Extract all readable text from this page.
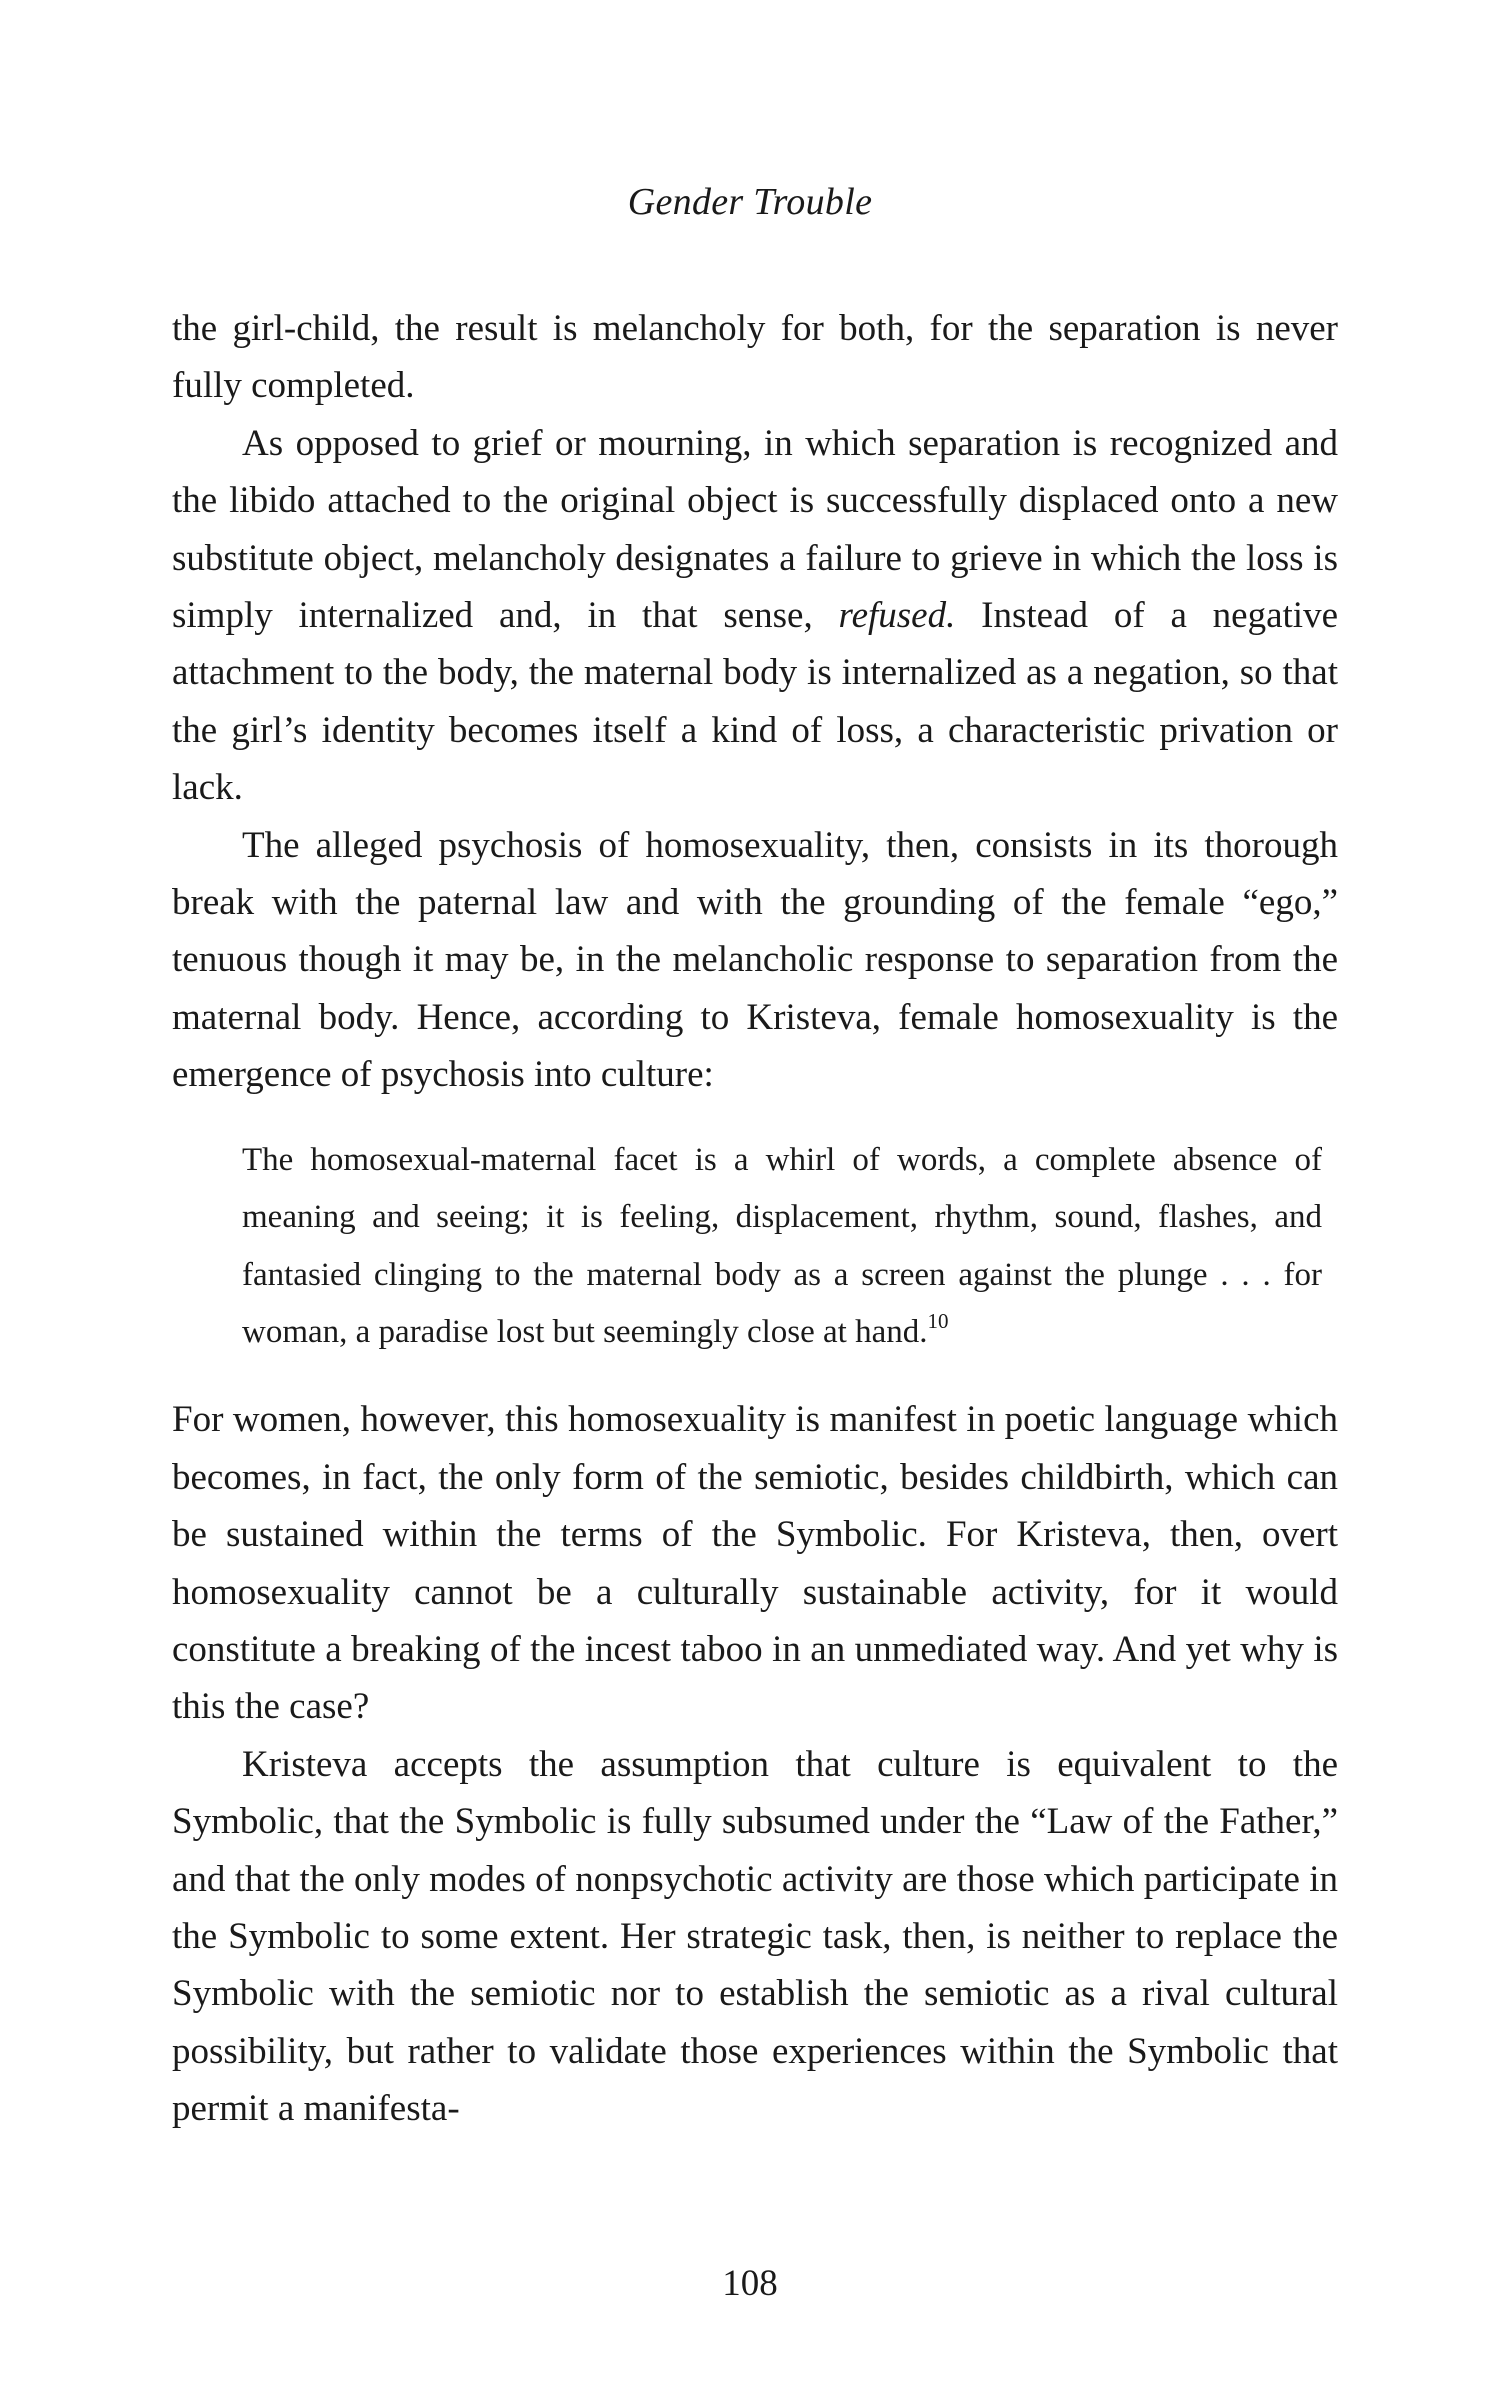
Gender Trouble

the girl-child, the result is melancholy for both, for the separation is never fully completed.

As opposed to grief or mourning, in which separation is recognized and the libido attached to the original object is successfully displaced onto a new substitute object, melancholy designates a failure to grieve in which the loss is simply internalized and, in that sense, refused. Instead of a negative attachment to the body, the maternal body is internalized as a negation, so that the girl’s identity becomes itself a kind of loss, a characteristic privation or lack.

The alleged psychosis of homosexuality, then, consists in its thorough break with the paternal law and with the grounding of the female “ego,” tenuous though it may be, in the melancholic response to separation from the maternal body. Hence, according to Kristeva, female homosexuality is the emergence of psychosis into culture:

The homosexual-maternal facet is a whirl of words, a complete absence of meaning and seeing; it is feeling, displacement, rhythm, sound, flashes, and fantasied clinging to the maternal body as a screen against the plunge . . . for woman, a paradise lost but seemingly close at hand.$^{10}$

For women, however, this homosexuality is manifest in poetic language which becomes, in fact, the only form of the semiotic, besides childbirth, which can be sustained within the terms of the Symbolic. For Kristeva, then, overt homosexuality cannot be a culturally sustainable activity, for it would constitute a breaking of the incest taboo in an unmediated way. And yet why is this the case?

Kristeva accepts the assumption that culture is equivalent to the Symbolic, that the Symbolic is fully subsumed under the “Law of the Father,” and that the only modes of nonpsychotic activity are those which participate in the Symbolic to some extent. Her strategic task, then, is neither to replace the Symbolic with the semiotic nor to establish the semiotic as a rival cultural possibility, but rather to validate those experiences within the Symbolic that permit a manifesta-

108
